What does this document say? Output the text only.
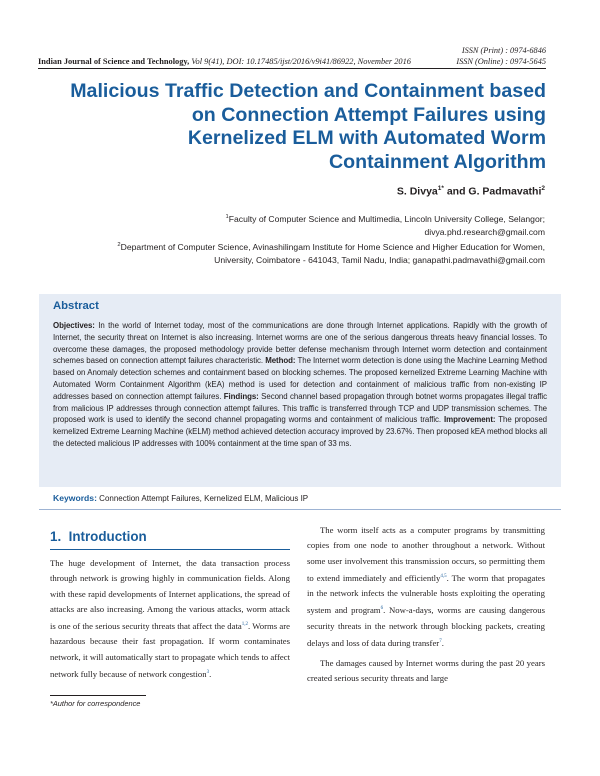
ISSN (Print) : 0974-6846
ISSN (Online) : 0974-5645
Indian Journal of Science and Technology, Vol 9(41), DOI: 10.17485/ijst/2016/v9i41/86922, November 2016
Malicious Traffic Detection and Containment based
on Connection Attempt Failures using
Kernelized ELM with Automated Worm
Containment Algorithm
S. Divya$^{1*}$ and G. Padmavathi$^2$
$^1$Faculty of Computer Science and Multimedia, Lincoln University College, Selangor;
divya.phd.research@gmail.com
$^2$Department of Computer Science, Avinashilingam Institute for Home Science and Higher Education for Women,
University, Coimbatore - 641043, Tamil Nadu, India; ganapathi.padmavathi@gmail.com
Abstract
Objectives: In the world of Internet today, most of the communications are done through Internet applications. Rapidly with the growth of Internet, the security threat on Internet is also increasing. Internet worms are one of the serious dangerous threats heavy financial losses. To overcome these damages, the proposed methodology provide better defense mechanism through Internet worm detection and containment schemes based on connection attempt failures characteristic. Method: The Internet worm detection is done using the Machine Learning Method based on Anomaly detection schemes and containment based on blocking schemes. The proposed kernelized Extreme Learning Machine with Automated Worm Containment Algorithm (kEA) method is used for detection and containment of malicious traffic from non-existing IP addresses based on connection attempt failures. Findings: Second channel based propagation through botnet worms propagates illegal traffic from malicious IP addresses through connection attempt failures. This traffic is transferred through TCP and UDP transmission schemes. The proposed work is used to identify the second channel propagating worms and containment of malicious traffic. Improvement: The proposed kernelized Extreme Learning Machine (kELM) method achieved detection accuracy improved by 23.67%. Then proposed kEA method blocks all the detected malicious IP addresses with 100% containment at the time span of 33 ms.
Keywords: Connection Attempt Failures, Kernelized ELM, Malicious IP
1.  Introduction

The huge development of Internet, the data transaction process through network is growing highly in communication fields. Along with these rapid developments of Internet applications, the spread of attacks are also increasing. Among the various attacks, worm attack is one of the serious security threats that affect the data$^{1,2}$. Worms are hazardous because their fast propagation. If worm contaminates network, it will automatically start to propagate which tends to affect network fully because of network congestion$^3$.

The worm itself acts as a computer programs by transmitting copies from one node to another throughout a network. Without some user involvement this transmission occurs, so permitting them to extend immediately and efficiently$^{4,5}$. The worm that propagates in the network infects the vulnerable hosts exploiting the operating system and program$^6$. Now-a-days, worms are causing dangerous security threats in the network through blocking packets, creating delays and loss of data during transfer$^7$.

The damages caused by Internet worms during the past 20 years created serious security threats and large

*Author for correspondence
